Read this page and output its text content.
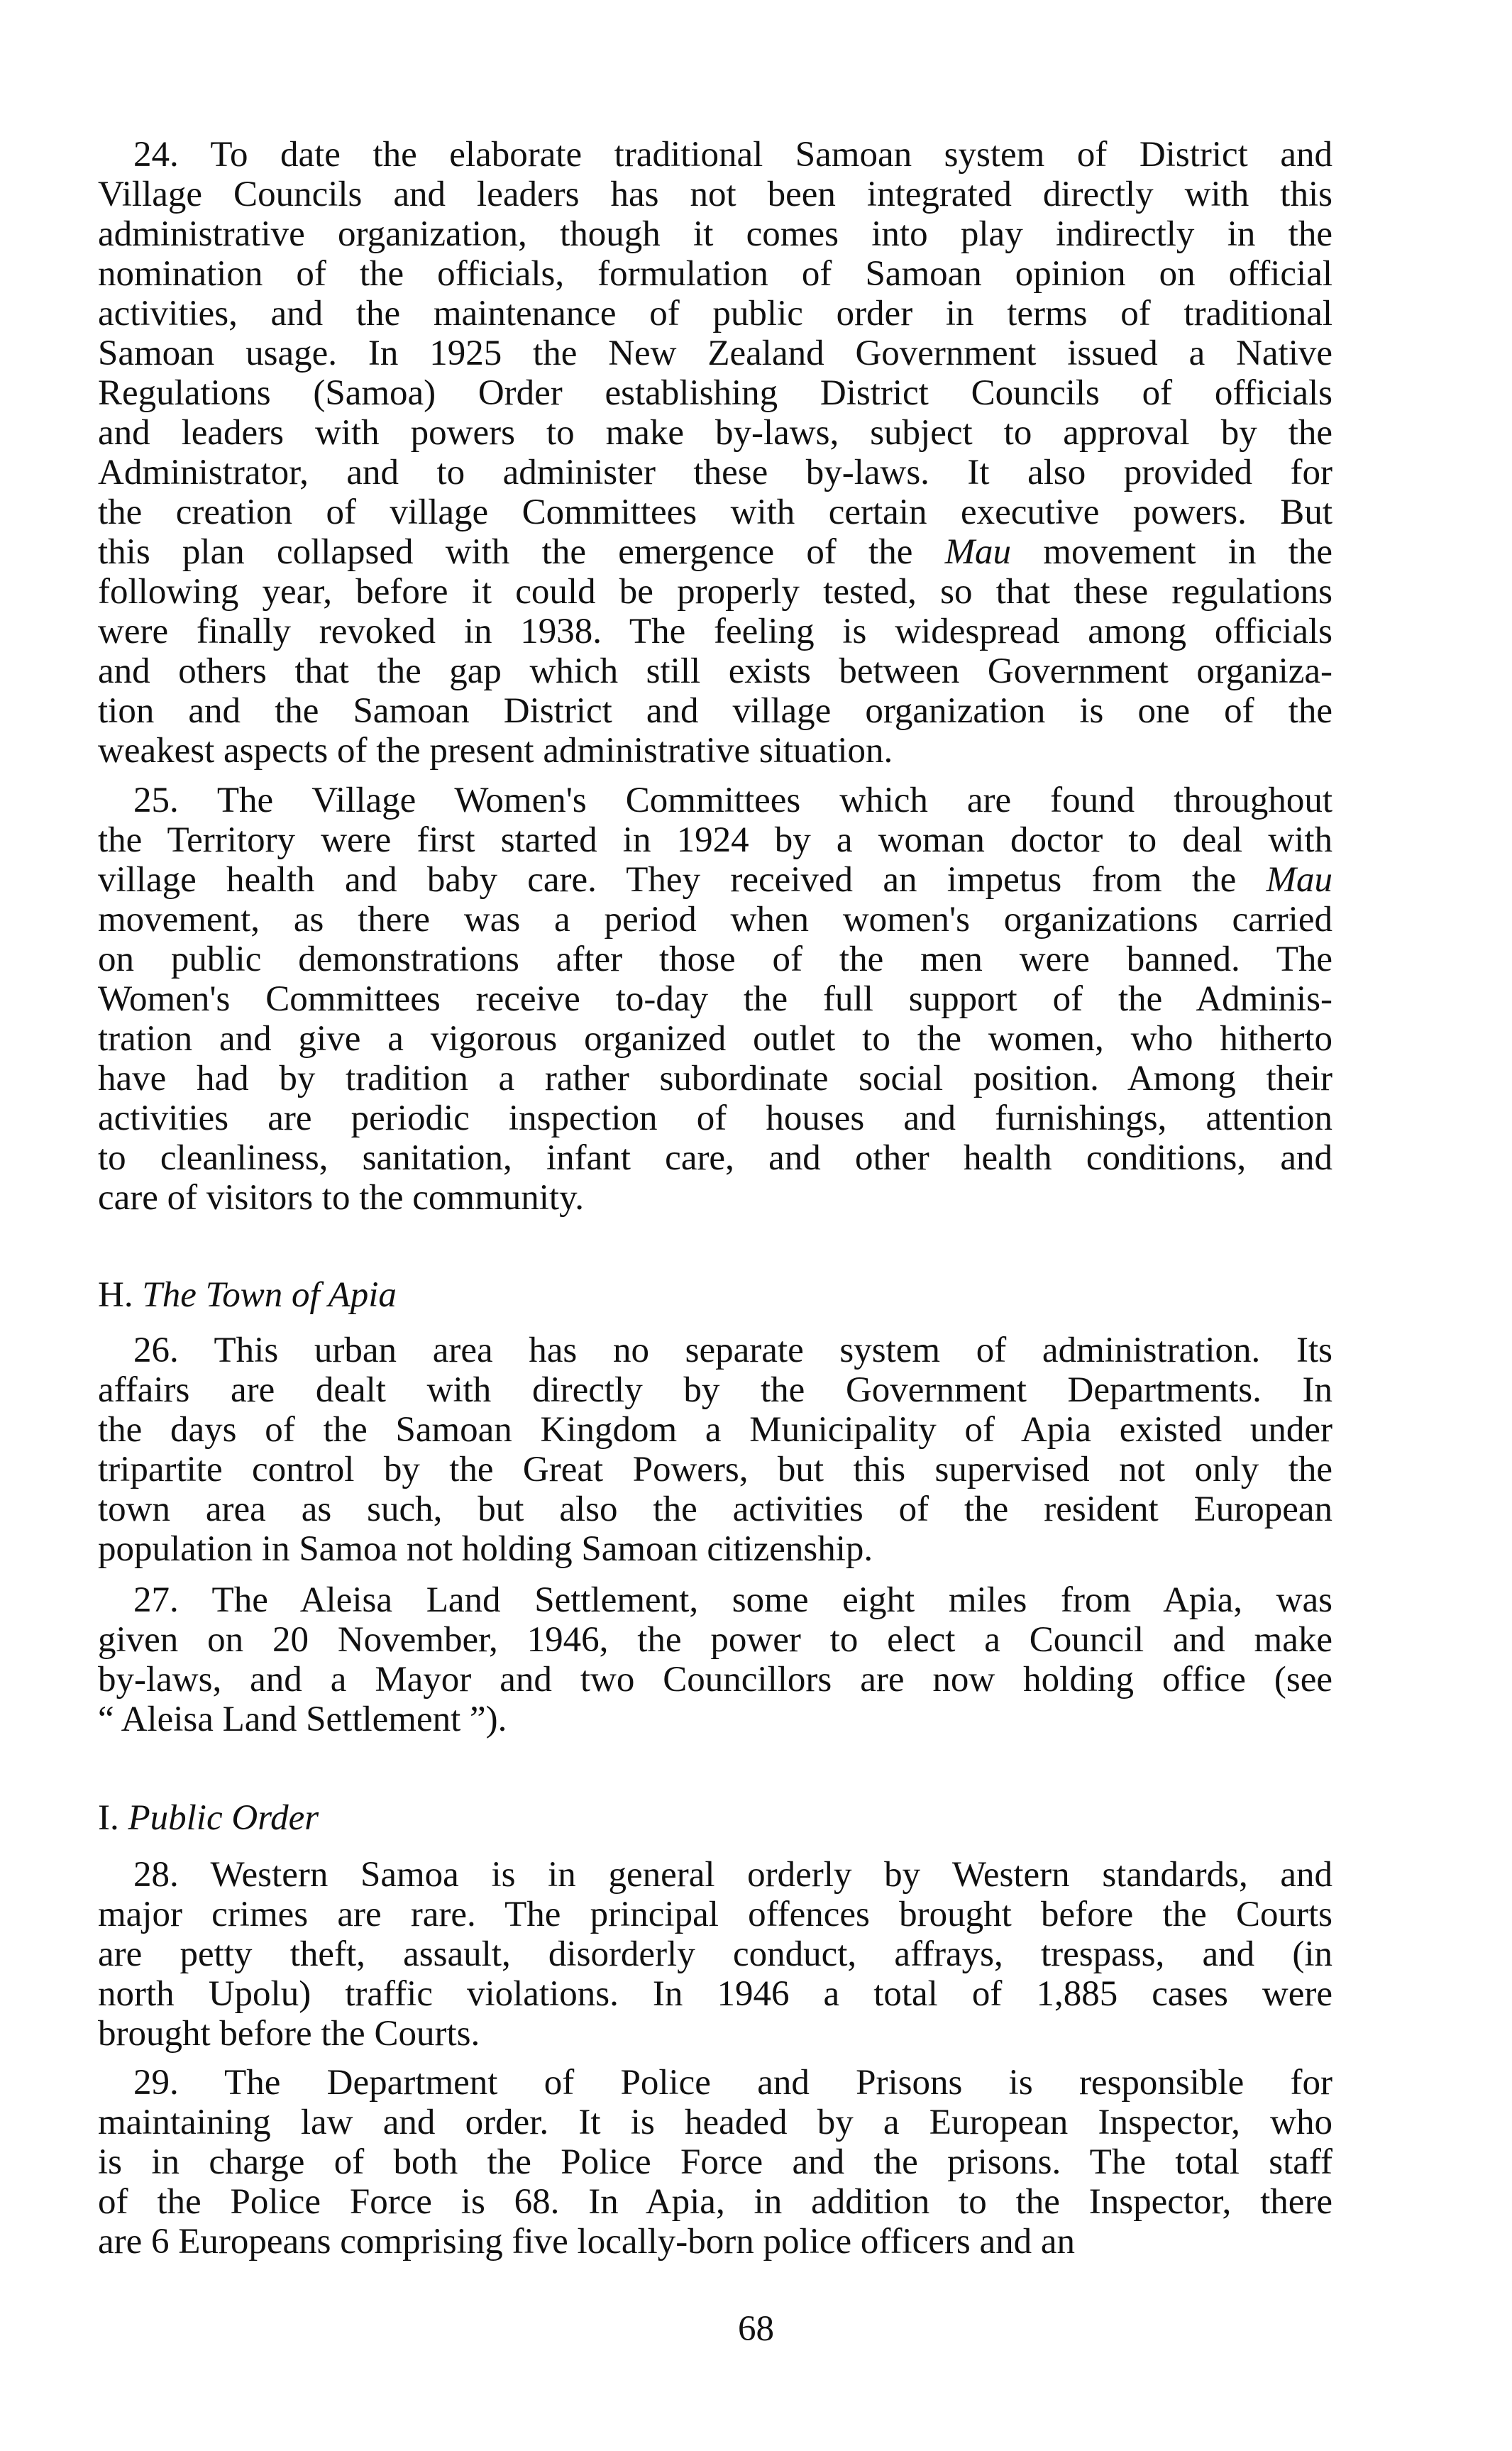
H. The Town of Apia
I. Public Order
68
24. To date the elaborate traditional Samoan system of District and
Village Councils and leaders has not been integrated directly with this
administrative organization, though it comes into play indirectly in the
nomination of the officials, formulation of Samoan opinion on official
activities, and the maintenance of public order in terms of traditional
Samoan usage. In 1925 the New Zealand Government issued a Native
Regulations (Samoa) Order establishing District Councils of officials
and leaders with powers to make by-laws, subject to approval by the
Administrator, and to administer these by-laws. It also provided for
the creation of village Committees with certain executive powers. But
this plan collapsed with the emergence of the Mau movement in the
following year, before it could be properly tested, so that these regulations
were finally revoked in 1938. The feeling is widespread among officials
and others that the gap which still exists between Government organiza-
tion and the Samoan District and village organization is one of the
weakest aspects of the present administrative situation.
25. The Village Women's Committees which are found throughout
the Territory were first started in 1924 by a woman doctor to deal with
village health and baby care. They received an impetus from the Mau
movement, as there was a period when women's organizations carried
on public demonstrations after those of the men were banned. The
Women's Committees receive to-day the full support of the Adminis-
tration and give a vigorous organized outlet to the women, who hitherto
have had by tradition a rather subordinate social position. Among their
activities are periodic inspection of houses and furnishings, attention
to cleanliness, sanitation, infant care, and other health conditions, and
care of visitors to the community.
26. This urban area has no separate system of administration. Its
affairs are dealt with directly by the Government Departments. In
the days of the Samoan Kingdom a Municipality of Apia existed under
tripartite control by the Great Powers, but this supervised not only the
town area as such, but also the activities of the resident European
population in Samoa not holding Samoan citizenship.
27. The Aleisa Land Settlement, some eight miles from Apia, was
given on 20 November, 1946, the power to elect a Council and make
by-laws, and a Mayor and two Councillors are now holding office (see
“ Aleisa Land Settlement ”).
28. Western Samoa is in general orderly by Western standards, and
major crimes are rare. The principal offences brought before the Courts
are petty theft, assault, disorderly conduct, affrays, trespass, and (in
north Upolu) traffic violations. In 1946 a total of 1,885 cases were
brought before the Courts.
29. The Department of Police and Prisons is responsible for
maintaining law and order. It is headed by a European Inspector, who
is in charge of both the Police Force and the prisons. The total staff
of the Police Force is 68. In Apia, in addition to the Inspector, there
are 6 Europeans comprising five locally-born police officers and an
